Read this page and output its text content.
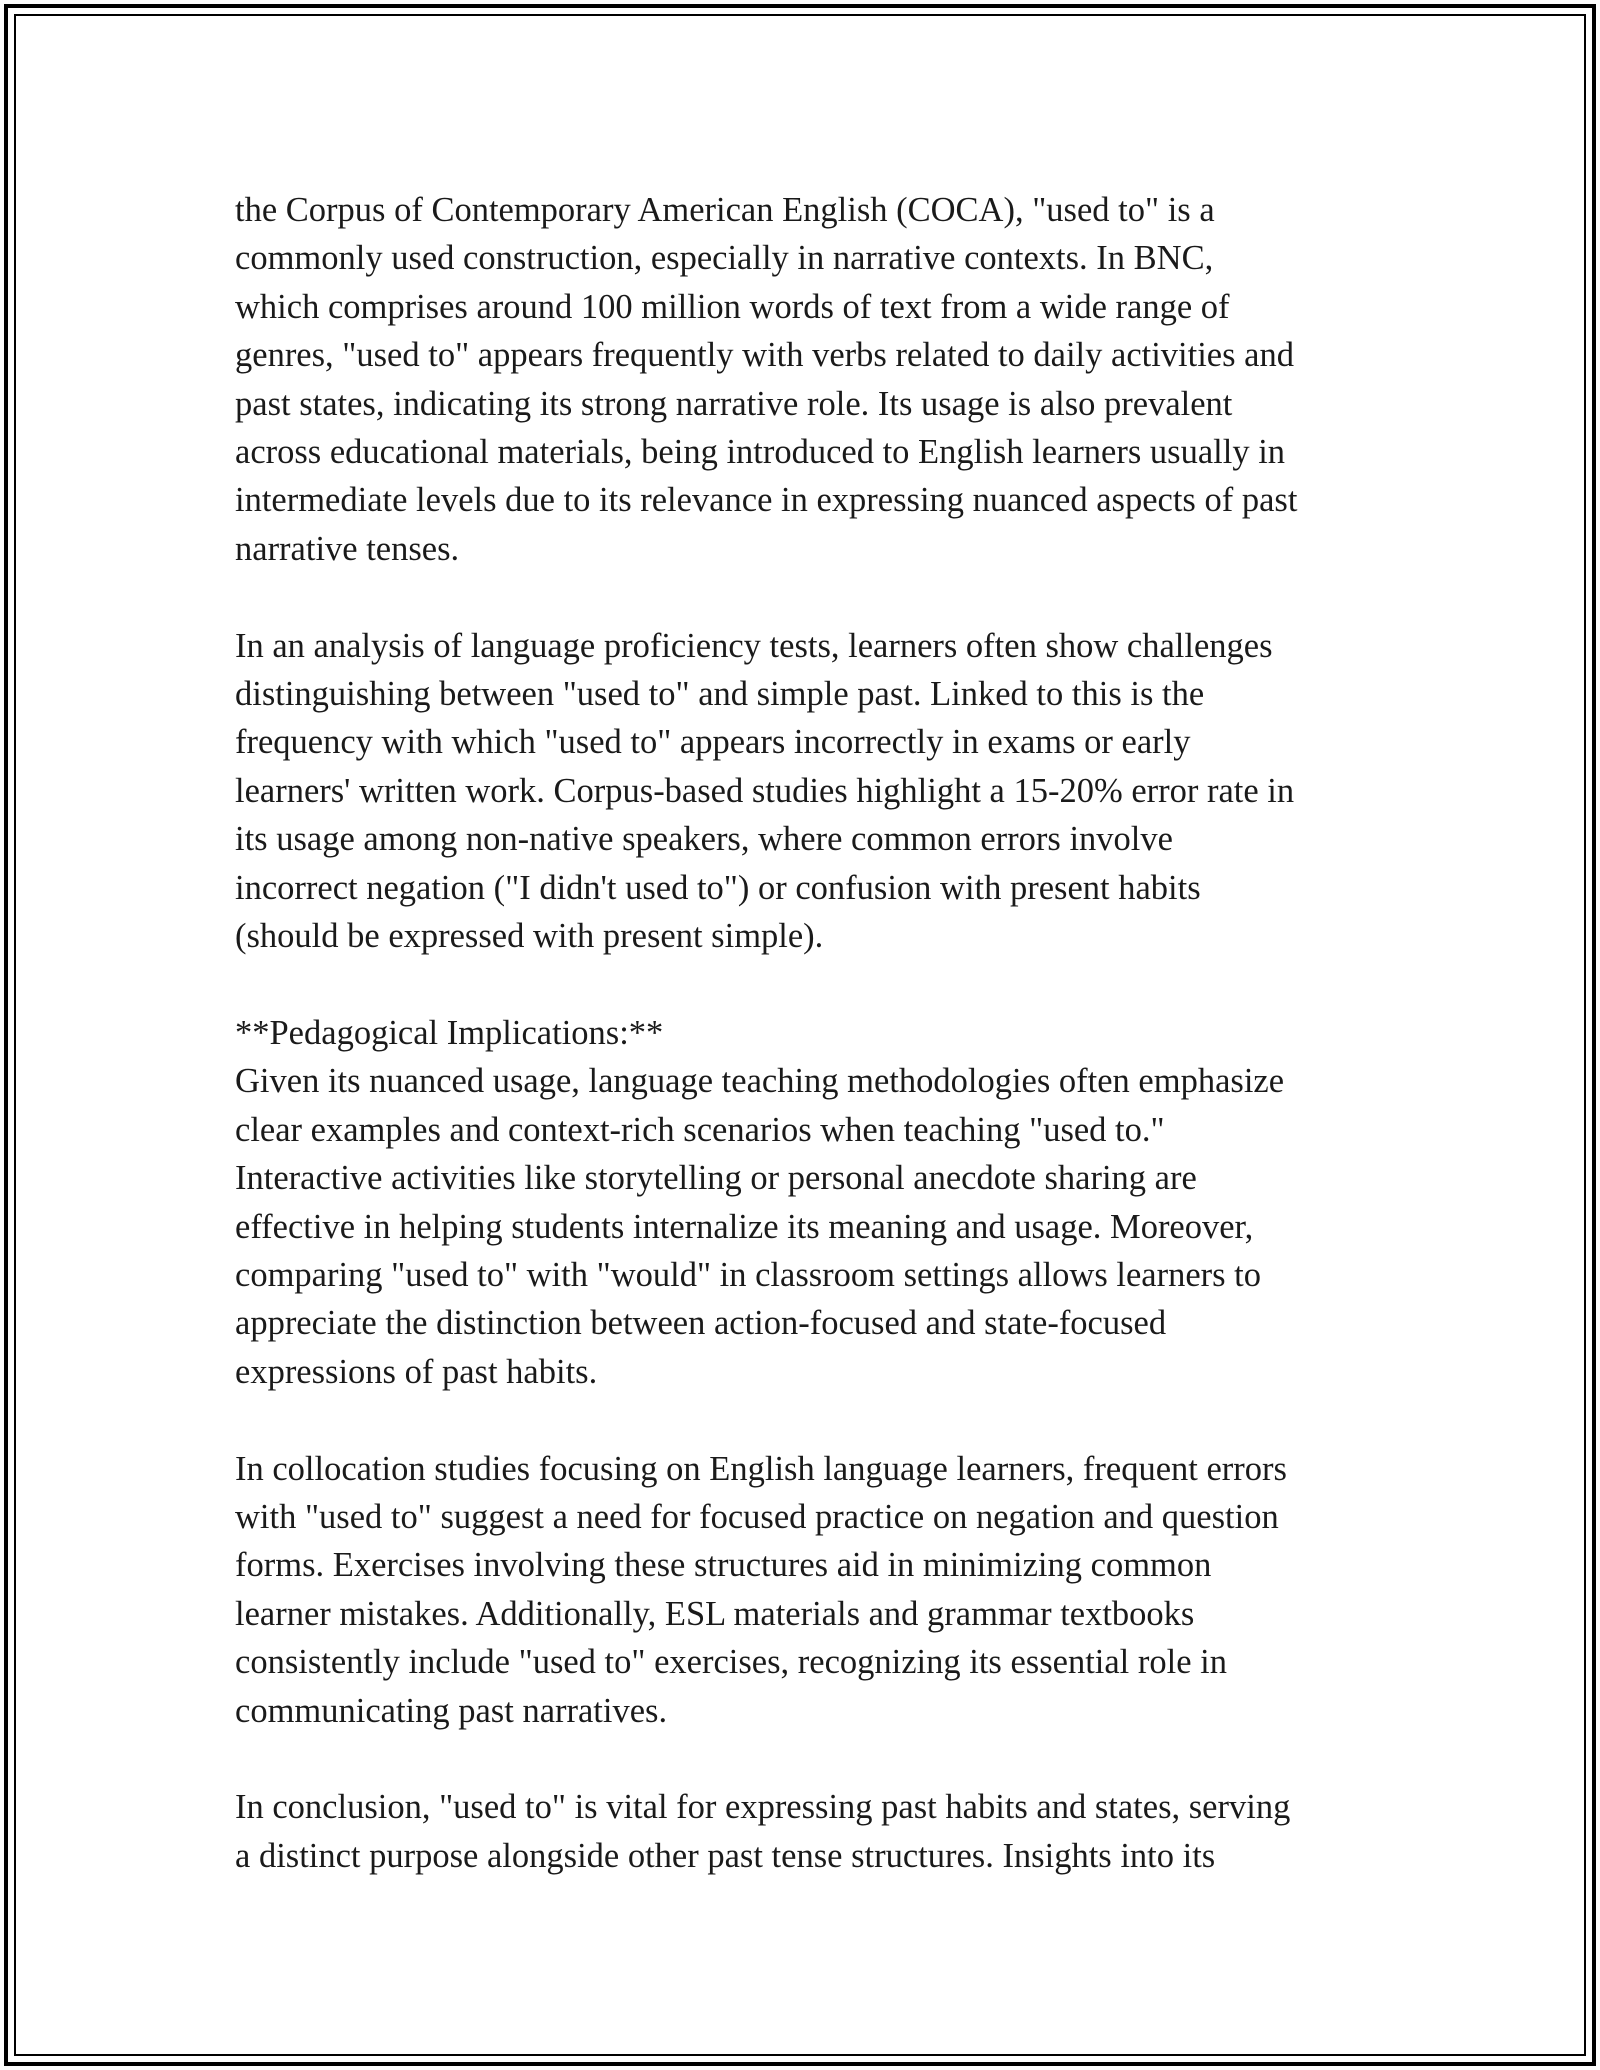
the Corpus of Contemporary American English (COCA), "used to" is a
commonly used construction, especially in narrative contexts. In BNC,
which comprises around 100 million words of text from a wide range of
genres, "used to" appears frequently with verbs related to daily activities and
past states, indicating its strong narrative role. Its usage is also prevalent
across educational materials, being introduced to English learners usually in
intermediate levels due to its relevance in expressing nuanced aspects of past
narrative tenses.

In an analysis of language proficiency tests, learners often show challenges
distinguishing between "used to" and simple past. Linked to this is the
frequency with which "used to" appears incorrectly in exams or early
learners' written work. Corpus-based studies highlight a 15-20% error rate in
its usage among non-native speakers, where common errors involve
incorrect negation ("I didn't used to") or confusion with present habits
(should be expressed with present simple).

**Pedagogical Implications:**
Given its nuanced usage, language teaching methodologies often emphasize
clear examples and context-rich scenarios when teaching "used to."
Interactive activities like storytelling or personal anecdote sharing are
effective in helping students internalize its meaning and usage. Moreover,
comparing "used to" with "would" in classroom settings allows learners to
appreciate the distinction between action-focused and state-focused
expressions of past habits.

In collocation studies focusing on English language learners, frequent errors
with "used to" suggest a need for focused practice on negation and question
forms. Exercises involving these structures aid in minimizing common
learner mistakes. Additionally, ESL materials and grammar textbooks
consistently include "used to" exercises, recognizing its essential role in
communicating past narratives.

In conclusion, "used to" is vital for expressing past habits and states, serving
a distinct purpose alongside other past tense structures. Insights into its
